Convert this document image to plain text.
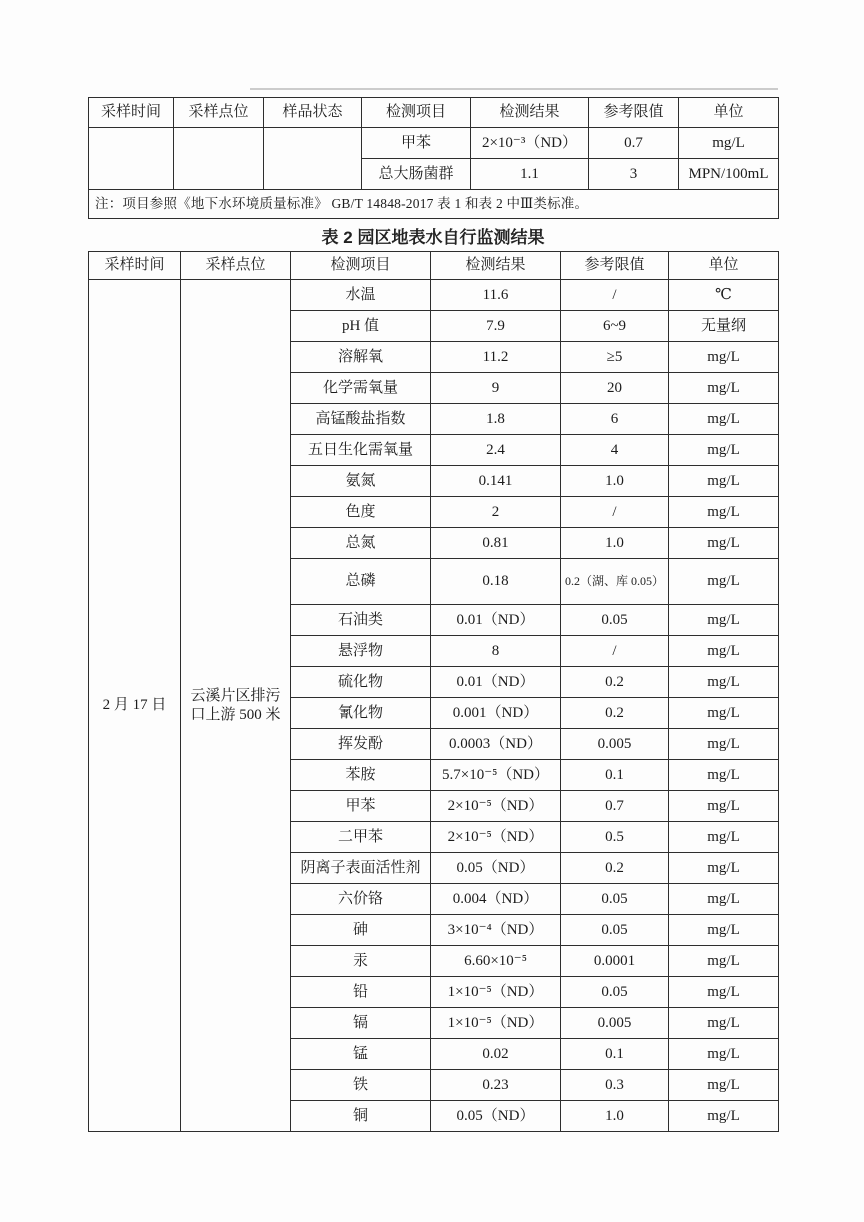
采样时间	采样点位	样品状态	检测项目	检测结果	参考限值	单位
			甲苯	2×10⁻³（ND）	0.7	mg/L
			总大肠菌群	1.1	3	MPN/100mL
注：项目参照《地下水环境质量标准》 GB/T 14848-2017 表 1 和表 2 中Ⅲ类标准。						
表 2 园区地表水自行监测结果
采样时间	采样点位	检测项目	检测结果	参考限值	单位
2 月 17 日	云溪片区排污口上游 500 米	水温	11.6	/	℃
		pH 值	7.9	6~9	无量纲
		溶解氧	11.2	≥5	mg/L
		化学需氧量	9	20	mg/L
		高锰酸盐指数	1.8	6	mg/L
		五日生化需氧量	2.4	4	mg/L
		氨氮	0.141	1.0	mg/L
		色度	2	/	mg/L
		总氮	0.81	1.0	mg/L
		总磷	0.18	0.2（湖、库 0.05）	mg/L
		石油类	0.01（ND）	0.05	mg/L
		悬浮物	8	/	mg/L
		硫化物	0.01（ND）	0.2	mg/L
		氰化物	0.001（ND）	0.2	mg/L
		挥发酚	0.0003（ND）	0.005	mg/L
		苯胺	5.7×10⁻⁵（ND）	0.1	mg/L
		甲苯	2×10⁻⁵（ND）	0.7	mg/L
		二甲苯	2×10⁻⁵（ND）	0.5	mg/L
		阴离子表面活性剂	0.05（ND）	0.2	mg/L
		六价铬	0.004（ND）	0.05	mg/L
		砷	3×10⁻⁴（ND）	0.05	mg/L
		汞	6.60×10⁻⁵	0.0001	mg/L
		铅	1×10⁻⁵（ND）	0.05	mg/L
		镉	1×10⁻⁵（ND）	0.005	mg/L
		锰	0.02	0.1	mg/L
		铁	0.23	0.3	mg/L
		铜	0.05（ND）	1.0	mg/L
